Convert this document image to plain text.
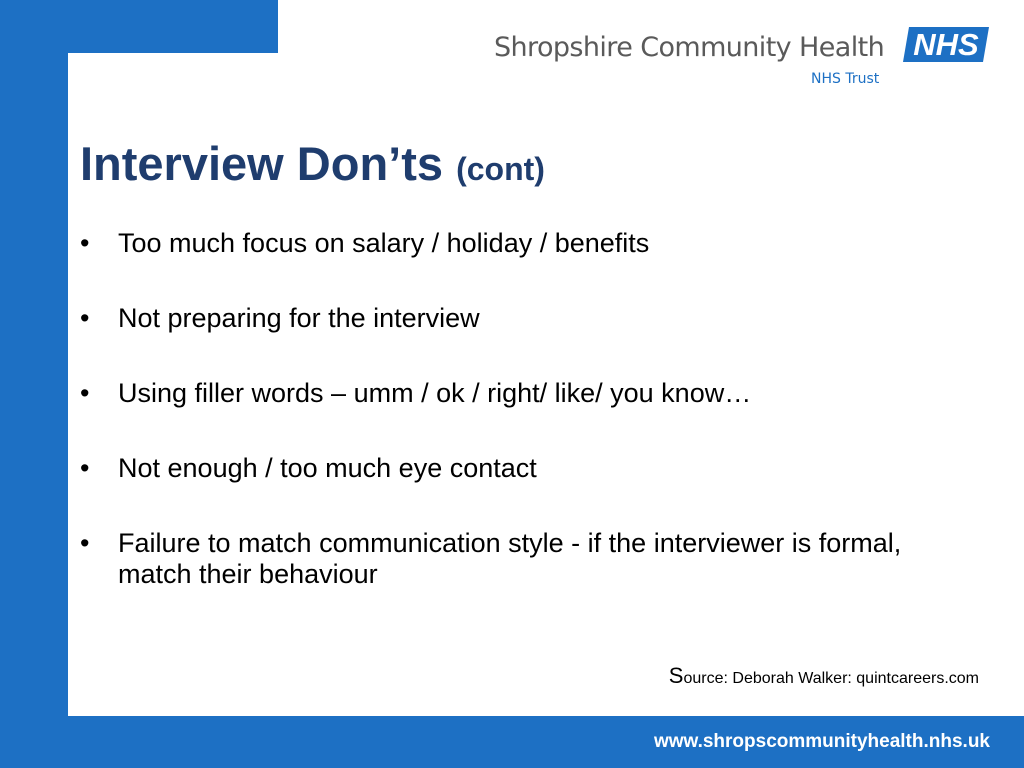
Shropshire Community Health
NHS Trust
NHS
Interview Don’ts (cont)
• Too much focus on salary / holiday / benefits
• Not preparing for the interview
• Using filler words – umm / ok / right/ like/ you know…
• Not enough / too much eye contact
• Failure to match communication style - if the interviewer is formal, match their behaviour
Source: Deborah Walker: quintcareers.com
www.shropscommunityhealth.nhs.uk
